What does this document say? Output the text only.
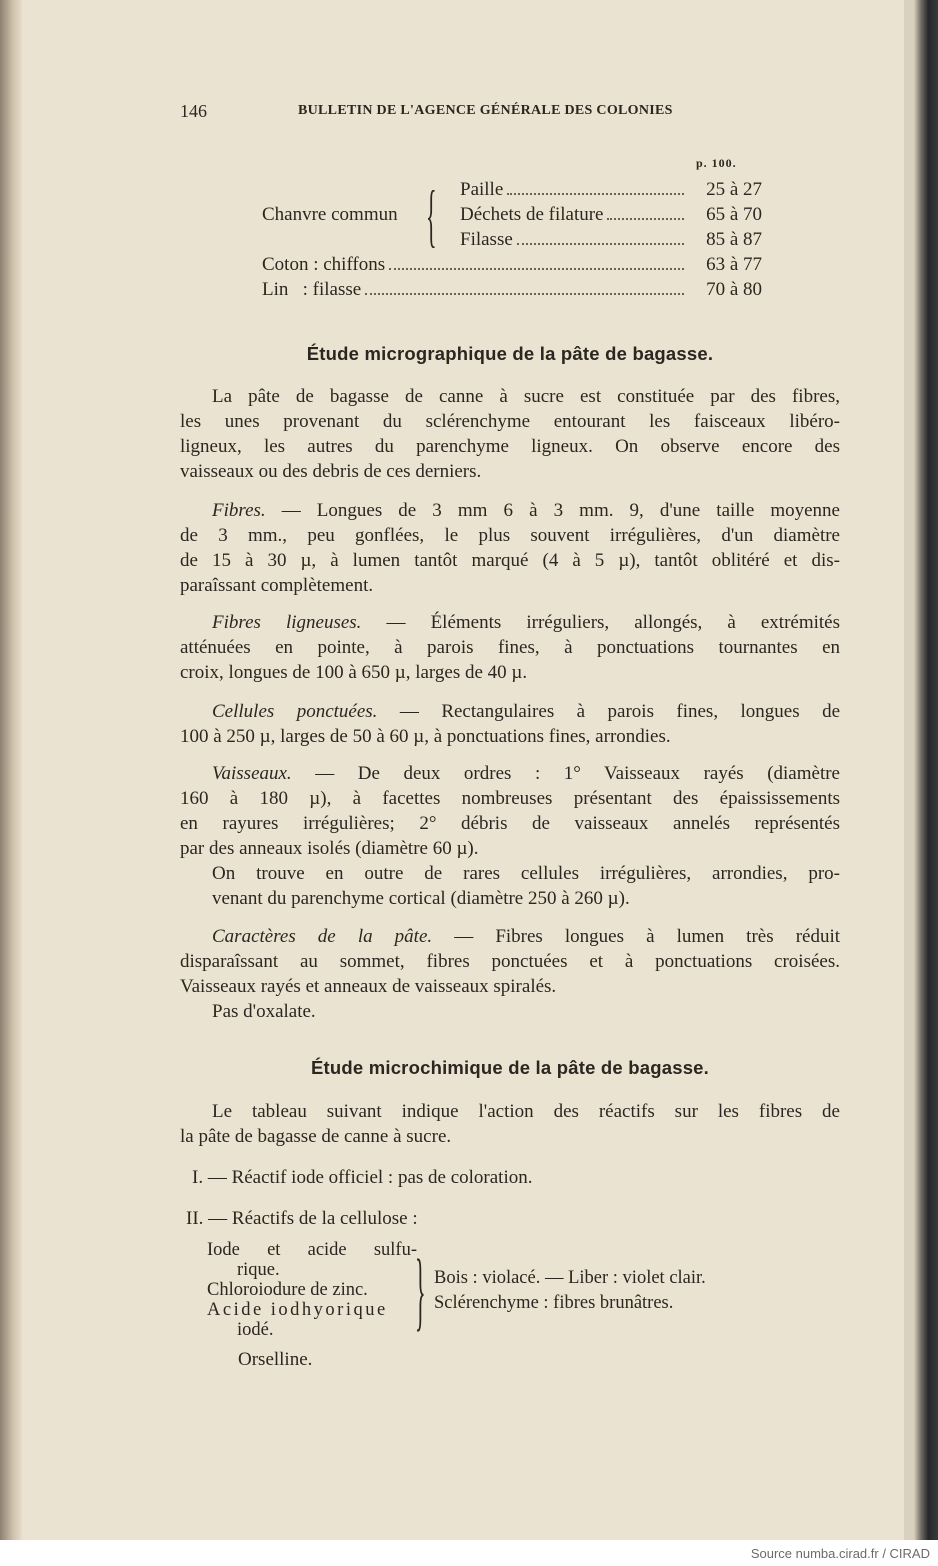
146	BULLETIN DE L'AGENCE GÉNÉRALE DES COLONIES
p. 100.
Chanvre commun { Paille	25 à 27
Déchets de filature	65 à 70
Filasse	85 à 87
Coton : chiffons	63 à 77
Lin   : filasse	70 à 80
Étude micrographique de la pâte de bagasse.
La pâte de bagasse de canne à sucre est constituée par des fibres,
les unes provenant du sclérenchyme entourant les faisceaux libéro-
ligneux, les autres du parenchyme ligneux. On observe encore des
vaisseaux ou des debris de ces derniers.
Fibres. — Longues de 3 mm 6 à 3 mm. 9, d'une taille moyenne
de 3 mm., peu gonflées, le plus souvent irrégulières, d'un diamètre
de 15 à 30 µ, à lumen tantôt marqué (4 à 5 µ), tantôt oblitéré et dis-
paraîssant complètement.
Fibres ligneuses. — Éléments irréguliers, allongés, à extrémités
atténuées en pointe, à parois fines, à ponctuations tournantes en
croix, longues de 100 à 650 µ, larges de 40 µ.
Cellules ponctuées. — Rectangulaires à parois fines, longues de
100 à 250 µ, larges de 50 à 60 µ, à ponctuations fines, arrondies.
Vaisseaux. — De deux ordres : 1° Vaisseaux rayés (diamètre
160 à 180 µ), à facettes nombreuses présentant des épaississements
en rayures irrégulières; 2° débris de vaisseaux annelés représentés
par des anneaux isolés (diamètre 60 µ).
On trouve en outre de rares cellules irrégulières, arrondies, pro-
venant du parenchyme cortical (diamètre 250 à 260 µ).
Caractères de la pâte. — Fibres longues à lumen très réduit
disparaîssant au sommet, fibres ponctuées et à ponctuations croisées.
Vaisseaux rayés et anneaux de vaisseaux spiralés.
Pas d'oxalate.
Étude microchimique de la pâte de bagasse.
Le tableau suivant indique l'action des réactifs sur les fibres de
la pâte de bagasse de canne à sucre.
I. — Réactif iode officiel : pas de coloration.
II. — Réactifs de la cellulose :
Iode et acide sulfu-
rique.
Chloroiodure de zinc.
Acide iodhyorique
iodé.	} Bois : violacé. — Liber : violet clair.
Sclérenchyme : fibres brunâtres.
Orselline.
Source numba.cirad.fr / CIRAD
